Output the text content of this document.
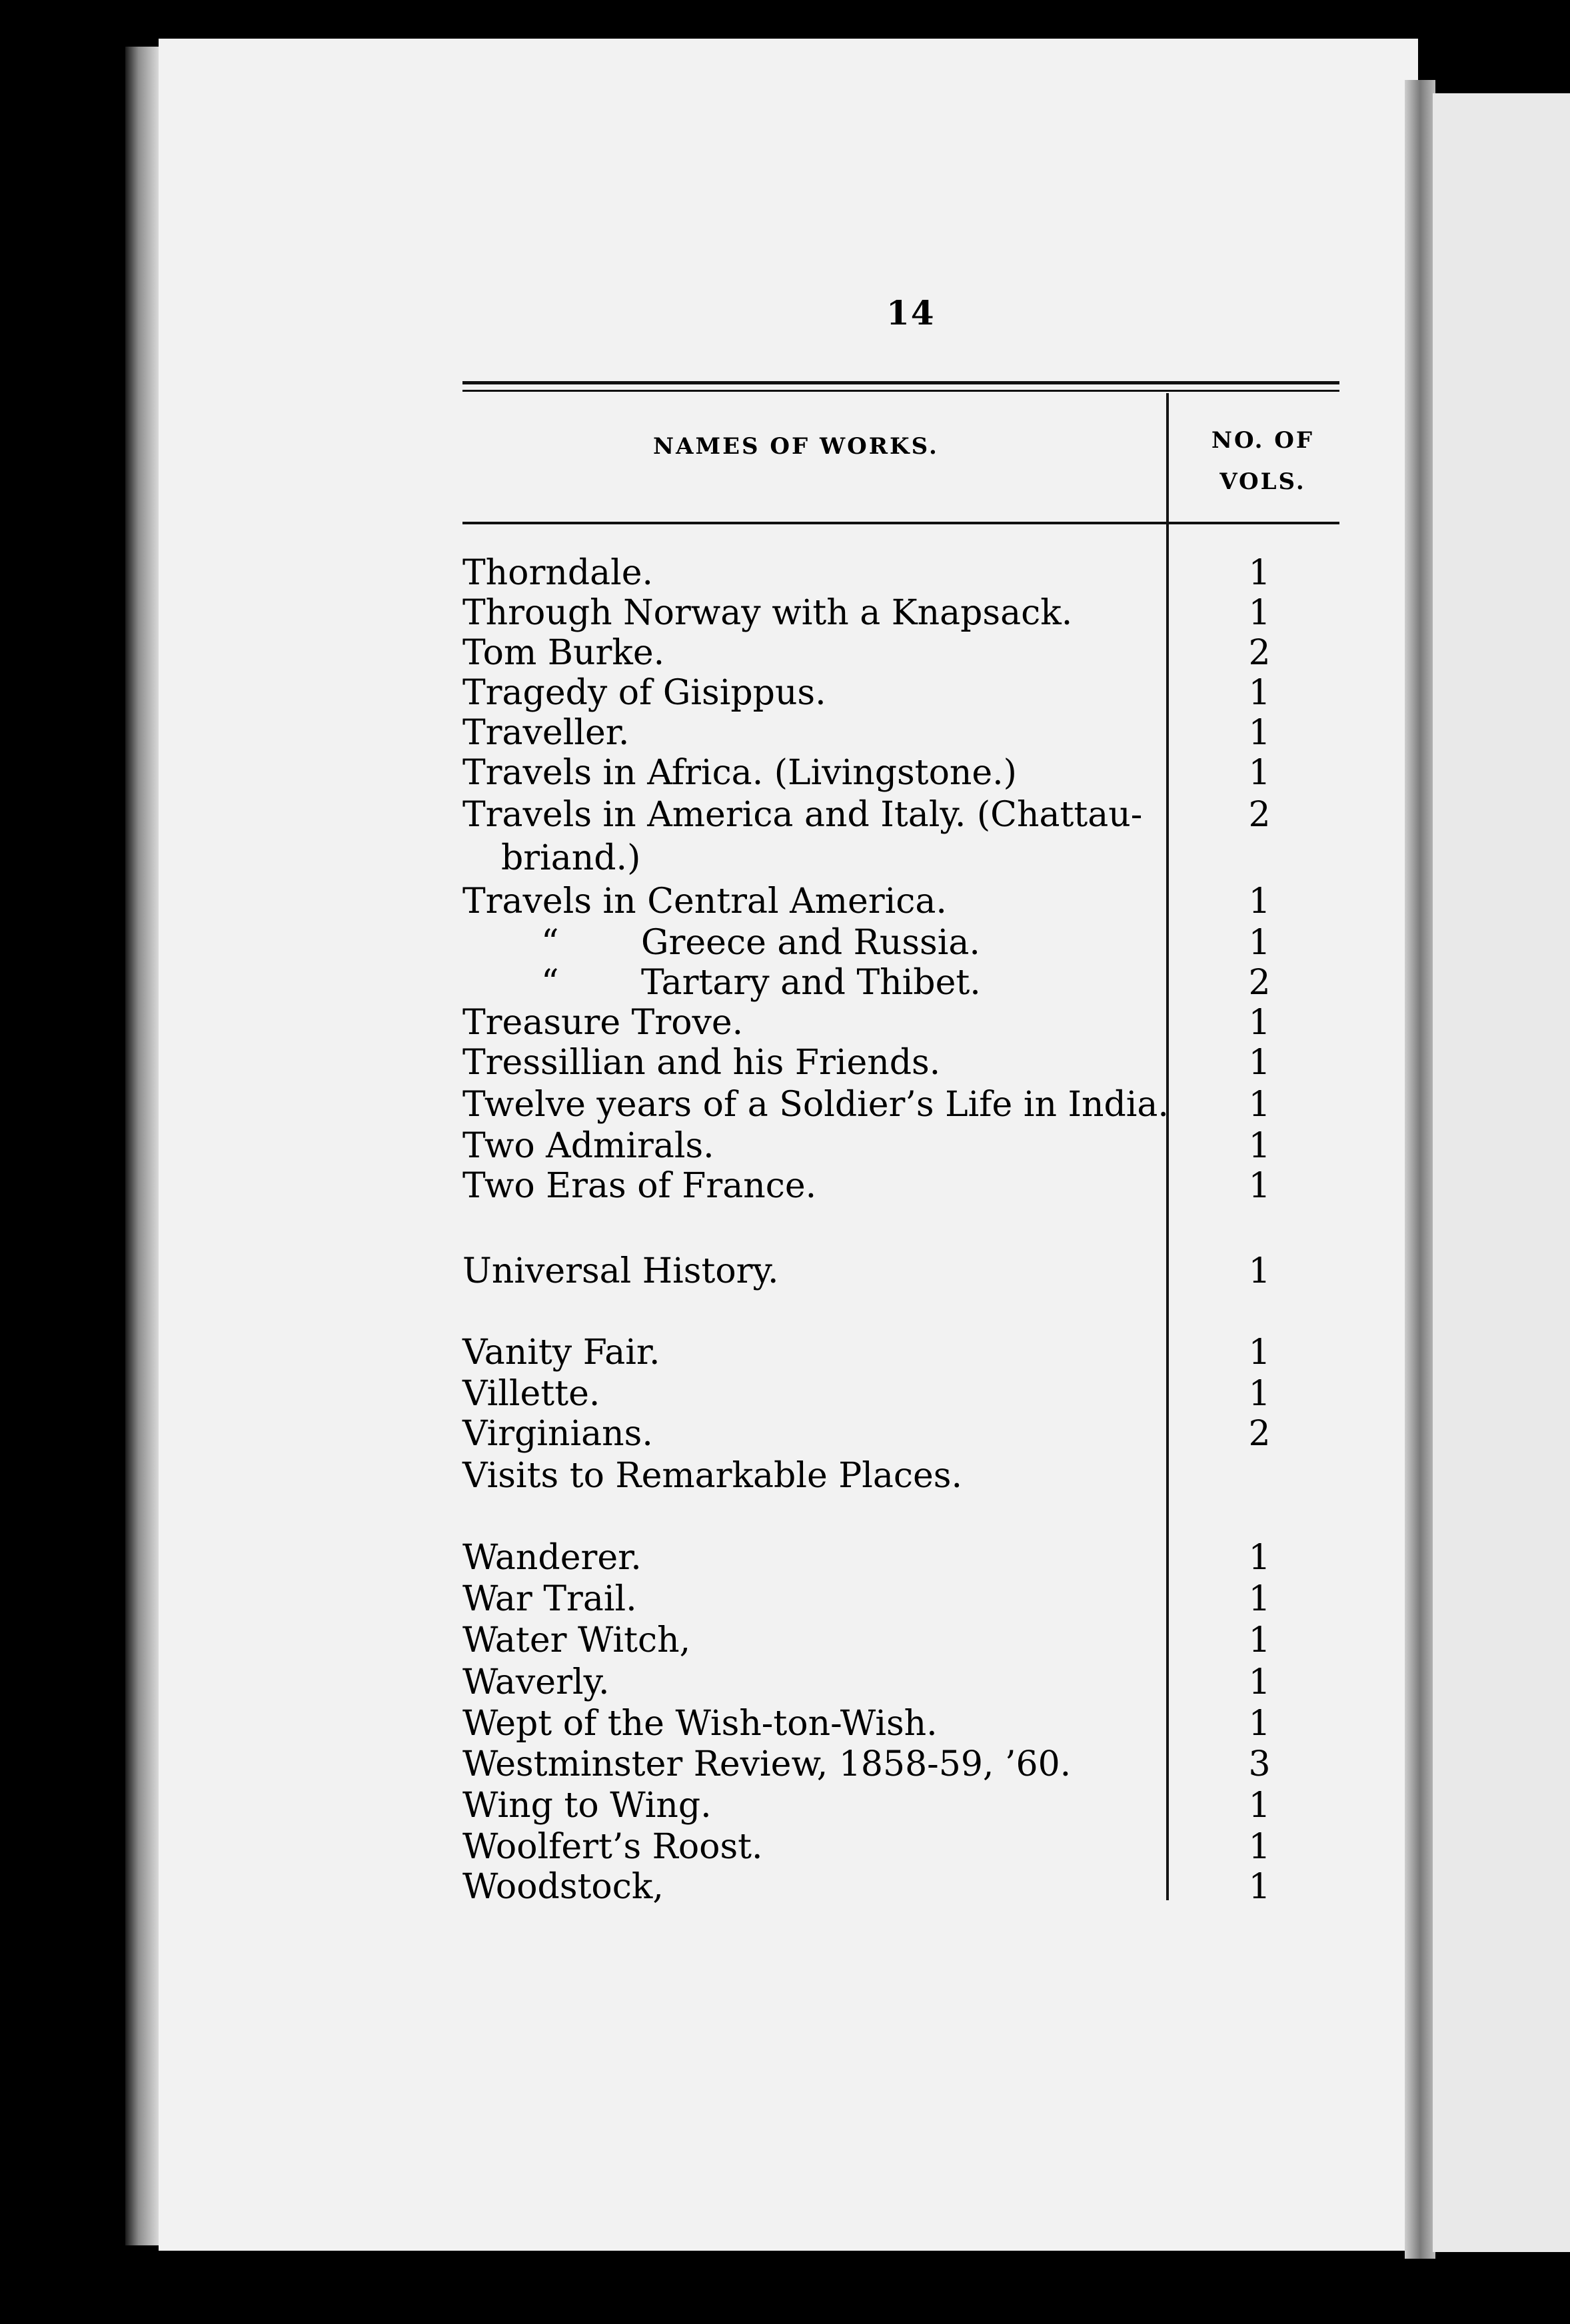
14
NAMES OF WORKS.	NO. OF
VOLS.
Thorndale.	1
Through Norway with a Knapsack.	1
Tom Burke.	2
Tragedy of Gisippus.	1
Traveller.	1
Travels in Africa. (Livingstone.)	1
Travels in America and Italy. (Chattau-	2
briand.)
Travels in Central America.	1
“ Greece and Russia.	1
“ Tartary and Thibet.	2
Treasure Trove.	1
Tressillian and his Friends.	1
Twelve years of a Soldier’s Life in India. 1
Two Admirals.	1
Two Eras of France.	1
Universal History.	1
Vanity Fair.	1
Villette.	1
Virginians.	2
Visits to Remarkable Places.
Wanderer.	1
War Trail.	1
Water Witch,	1
Waverly.	1
Wept of the Wish-ton-Wish.	1
Westminster Review, 1858-59, ’60.	3
Wing to Wing.	1
Woolfert’s Roost.	1
Woodstock,	1
